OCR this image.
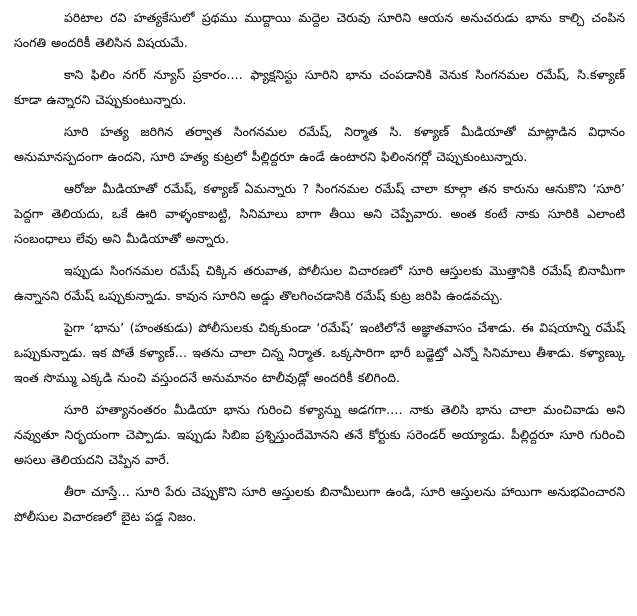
పరిటాల రవి హత్యకేసులో ప్రథము ముద్దాయి మద్దెల చెరువు సూరిని ఆయన అనుచరుడు భాను కాల్చి చంపిన సంగతి అందరికీ తెలిసిన విషయమే.

కాని ఫిలిం నగర్ న్యూస్ ప్రకారం…. ఫ్యాక్షనిస్టు సూరిని భాను చంపడానికి వెనుక సింగనమల రమేష్, సి.కళ్యాణ్ కూడా ఉన్నారని చెప్పుకుంటున్నారు.

సూరి హత్య జరిగిన తర్వాత సింగనమల రమేష్, నిర్మాత సి. కళ్యాణ్ మీడియాతో మాట్లాడిన విధానం అనుమానస్పదంగా ఉందని, సూరి హత్య కుట్రలో పీల్లిద్దరూ ఉండే ఉంటారని ఫిలింనగర్లో చెప్పుకుంటున్నారు.

ఆరోజు మీడియాతో రమేష్, కళ్యాణ్ ఏమన్నారు ? సింగనమల రమేష్ చాలా కూల్గా తన కారును ఆనుకొని ‘సూరి’ పెద్దగా తెలియదు, ఒకే ఊరి వాళ్ళంకాబట్టి, సినిమాలు బాగా తీయి అని చెప్పేవారు. అంత కంటే నాకు సూరికి ఎలాంటి సంబంధాలు లేవు అని మీడియాతో అన్నారు.

ఇప్పుడు సింగనమల రమేష్ చిక్కిన తరువాత, పోలీసుల విచారణలో సూరి ఆస్తులకు మొత్తానికి రమేష్ బినామీగా ఉన్నానని రమేష్ ఒప్పుకున్నాడు. కావున సూరిని అడ్డు తొలగించడానికి రమేష్ కుట్ర జరిపి ఉండవచ్చు.

పైగా ‘భాను’ (హంతకుడు) పోలీసులకు చిక్కకుండా ‘రమేష్’ ఇంటిలోనే అజ్ఞాతవాసం చేశాడు. ఈ విషయాన్ని రమేష్ ఒప్పుకున్నాడు. ఇక పోతే కళ్యాణ్… ఇతను చాలా చిన్న నిర్మాత. ఒక్కసారిగా భారీ బడ్జెట్తో ఎన్నో సినిమాలు తీశాడు. కళ్యాణ్కు ఇంత సొమ్ము ఎక్కడి నుంచి వస్తుందనే అనుమానం టాలీవుడ్లో అందరికీ కలిగింది.

సూరి హత్యానంతరం మీడియా భాను గురించి కళ్యాన్ను అడగగా…. నాకు తెలిసి భాను చాలా మంచివాడు అని నవ్వుతూ నిర్భయంగా చెప్పాడు. ఇప్పుడు సిబిఐ ప్రశ్నిస్తుందేమోనని తనే కోర్టుకు సరెండర్ అయ్యాడు. పీల్లిద్దరూ సూరి గురించి అసలు తెలియదని చెప్పిన వారే.

తీరా చూస్తే… సూరి పేరు చెప్పుకొని సూరి ఆస్తులకు బినామీలుగా ఉండి, సూరి ఆస్తులను హాయిగా అనుభవించారని పోలీసుల విచారణలో బైట పడ్డ నిజం.
